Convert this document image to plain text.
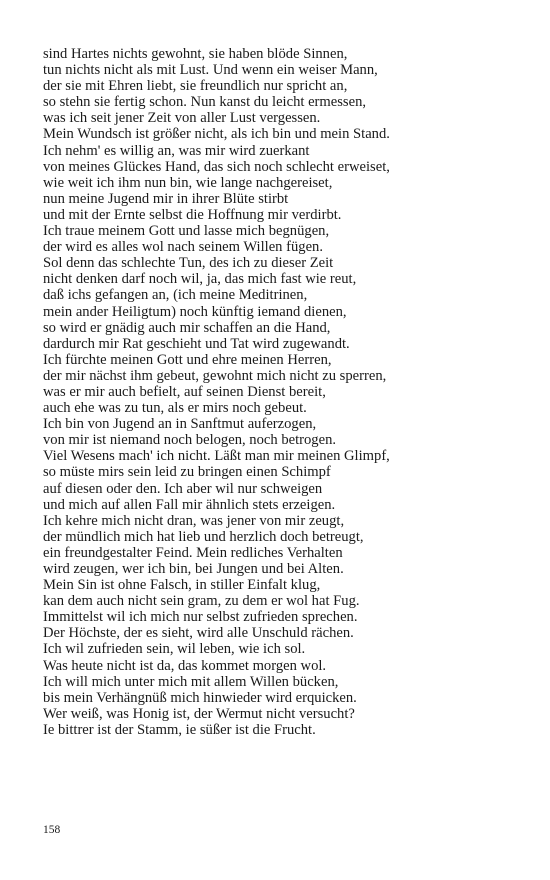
sind Hartes nichts gewohnt, sie haben blöde Sinnen,
tun nichts nicht als mit Lust. Und wenn ein weiser Mann,
der sie mit Ehren liebt, sie freundlich nur spricht an,
so stehn sie fertig schon. Nun kanst du leicht ermessen,
was ich seit jener Zeit von aller Lust vergessen.
Mein Wundsch ist größer nicht, als ich bin und mein Stand.
Ich nehm' es willig an, was mir wird zuerkant
von meines Glückes Hand, das sich noch schlecht erweiset,
wie weit ich ihm nun bin, wie lange nachgereiset,
nun meine Jugend mir in ihrer Blüte stirbt
und mit der Ernte selbst die Hoffnung mir verdirbt.
Ich traue meinem Gott und lasse mich begnügen,
der wird es alles wol nach seinem Willen fügen.
Sol denn das schlechte Tun, des ich zu dieser Zeit
nicht denken darf noch wil, ja, das mich fast wie reut,
daß ichs gefangen an, (ich meine Meditrinen,
mein ander Heiligtum) noch künftig iemand dienen,
so wird er gnädig auch mir schaffen an die Hand,
dardurch mir Rat geschieht und Tat wird zugewandt.
Ich fürchte meinen Gott und ehre meinen Herren,
der mir nächst ihm gebeut, gewohnt mich nicht zu sperren,
was er mir auch befielt, auf seinen Dienst bereit,
auch ehe was zu tun, als er mirs noch gebeut.
Ich bin von Jugend an in Sanftmut auferzogen,
von mir ist niemand noch belogen, noch betrogen.
Viel Wesens mach' ich nicht. Läßt man mir meinen Glimpf,
so müste mirs sein leid zu bringen einen Schimpf
auf diesen oder den. Ich aber wil nur schweigen
und mich auf allen Fall mir ähnlich stets erzeigen.
Ich kehre mich nicht dran, was jener von mir zeugt,
der mündlich mich hat lieb und herzlich doch betreugt,
ein freundgestalter Feind. Mein redliches Verhalten
wird zeugen, wer ich bin, bei Jungen und bei Alten.
Mein Sin ist ohne Falsch, in stiller Einfalt klug,
kan dem auch nicht sein gram, zu dem er wol hat Fug.
Immittelst wil ich mich nur selbst zufrieden sprechen.
Der Höchste, der es sieht, wird alle Unschuld rächen.
Ich wil zufrieden sein, wil leben, wie ich sol.
Was heute nicht ist da, das kommet morgen wol.
Ich will mich unter mich mit allem Willen bücken,
bis mein Verhängnüß mich hinwieder wird erquicken.
Wer weiß, was Honig ist, der Wermut nicht versucht?
Ie bittrer ist der Stamm, ie süßer ist die Frucht.
158
